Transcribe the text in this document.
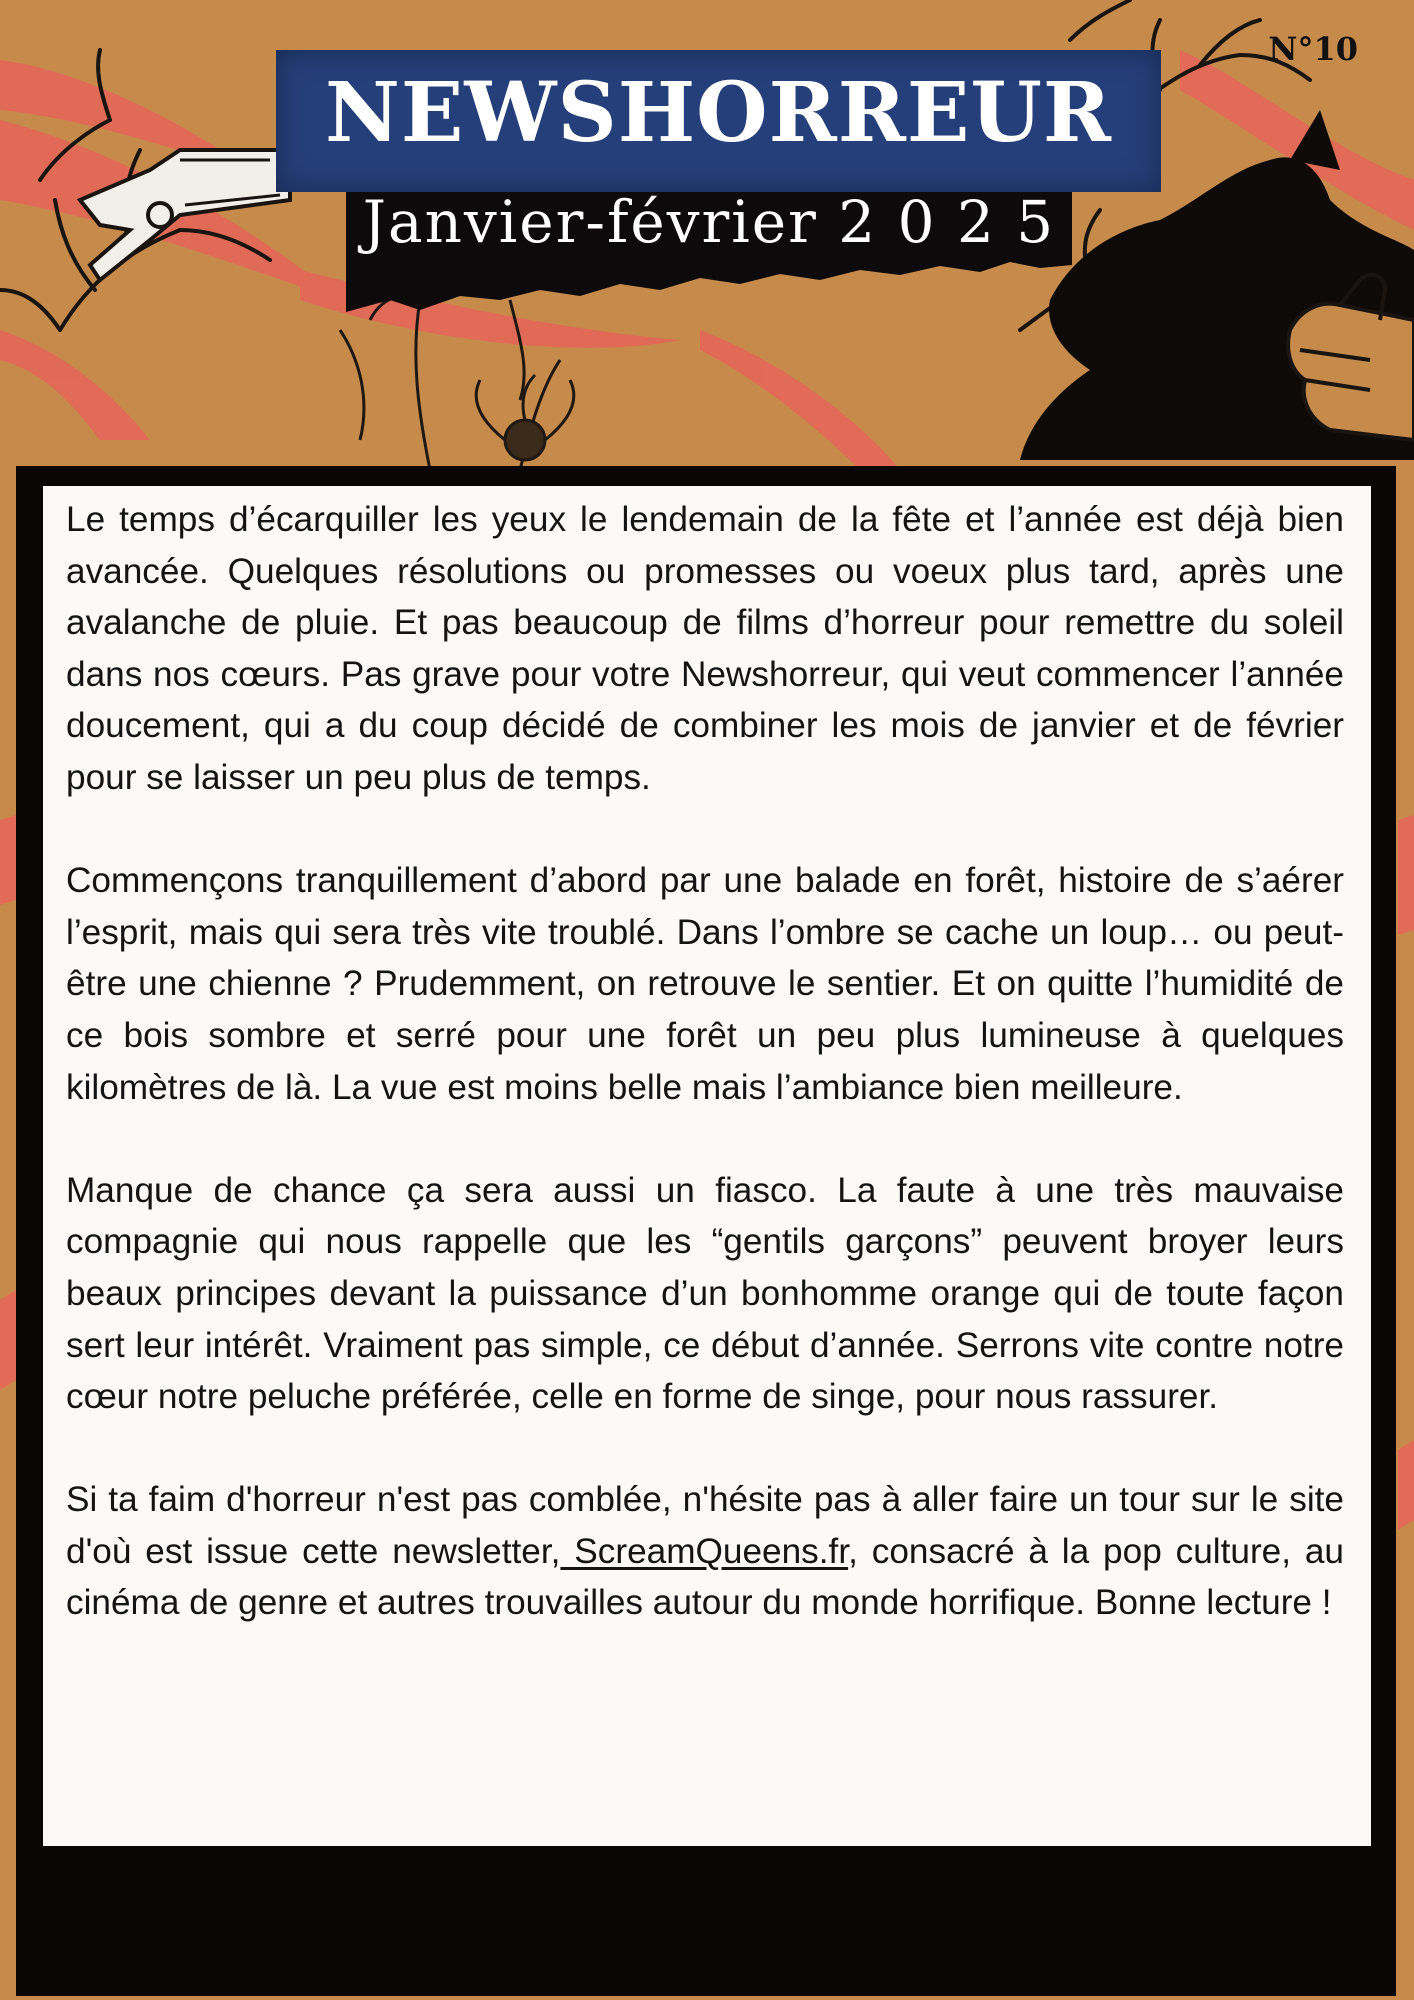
N°10
NEWSHORREUR
Janvier-février 2 0 2 5

Le temps d’écarquiller les yeux le lendemain de la fête et l’année est déjà bien avancée. Quelques résolutions ou promesses ou voeux plus tard, après une avalanche de pluie. Et pas beaucoup de films d’horreur pour remettre du soleil dans nos cœurs. Pas grave pour votre Newshorreur, qui veut commencer l’année doucement, qui a du coup décidé de combiner les mois de janvier et de février pour se laisser un peu plus de temps.

Commençons tranquillement d’abord par une balade en forêt, histoire de s’aérer l’esprit, mais qui sera très vite troublé. Dans l’ombre se cache un loup… ou peut-être une chienne ? Prudemment, on retrouve le sentier. Et on quitte l’humidité de ce bois sombre et serré pour une forêt un peu plus lumineuse à quelques kilomètres de là. La vue est moins belle mais l’ambiance bien meilleure.

Manque de chance ça sera aussi un fiasco. La faute à une très mauvaise compagnie qui nous rappelle que les “gentils garçons” peuvent broyer leurs beaux principes devant la puissance d’un bonhomme orange qui de toute façon sert leur intérêt. Vraiment pas simple, ce début d’année. Serrons vite contre notre cœur notre peluche préférée, celle en forme de singe, pour nous rassurer.

Si ta faim d'horreur n'est pas comblée, n'hésite pas à aller faire un tour sur le site d'où est issue cette newsletter, ScreamQueens.fr, consacré à la pop culture, au cinéma de genre et autres trouvailles autour du monde horrifique. Bonne lecture !
